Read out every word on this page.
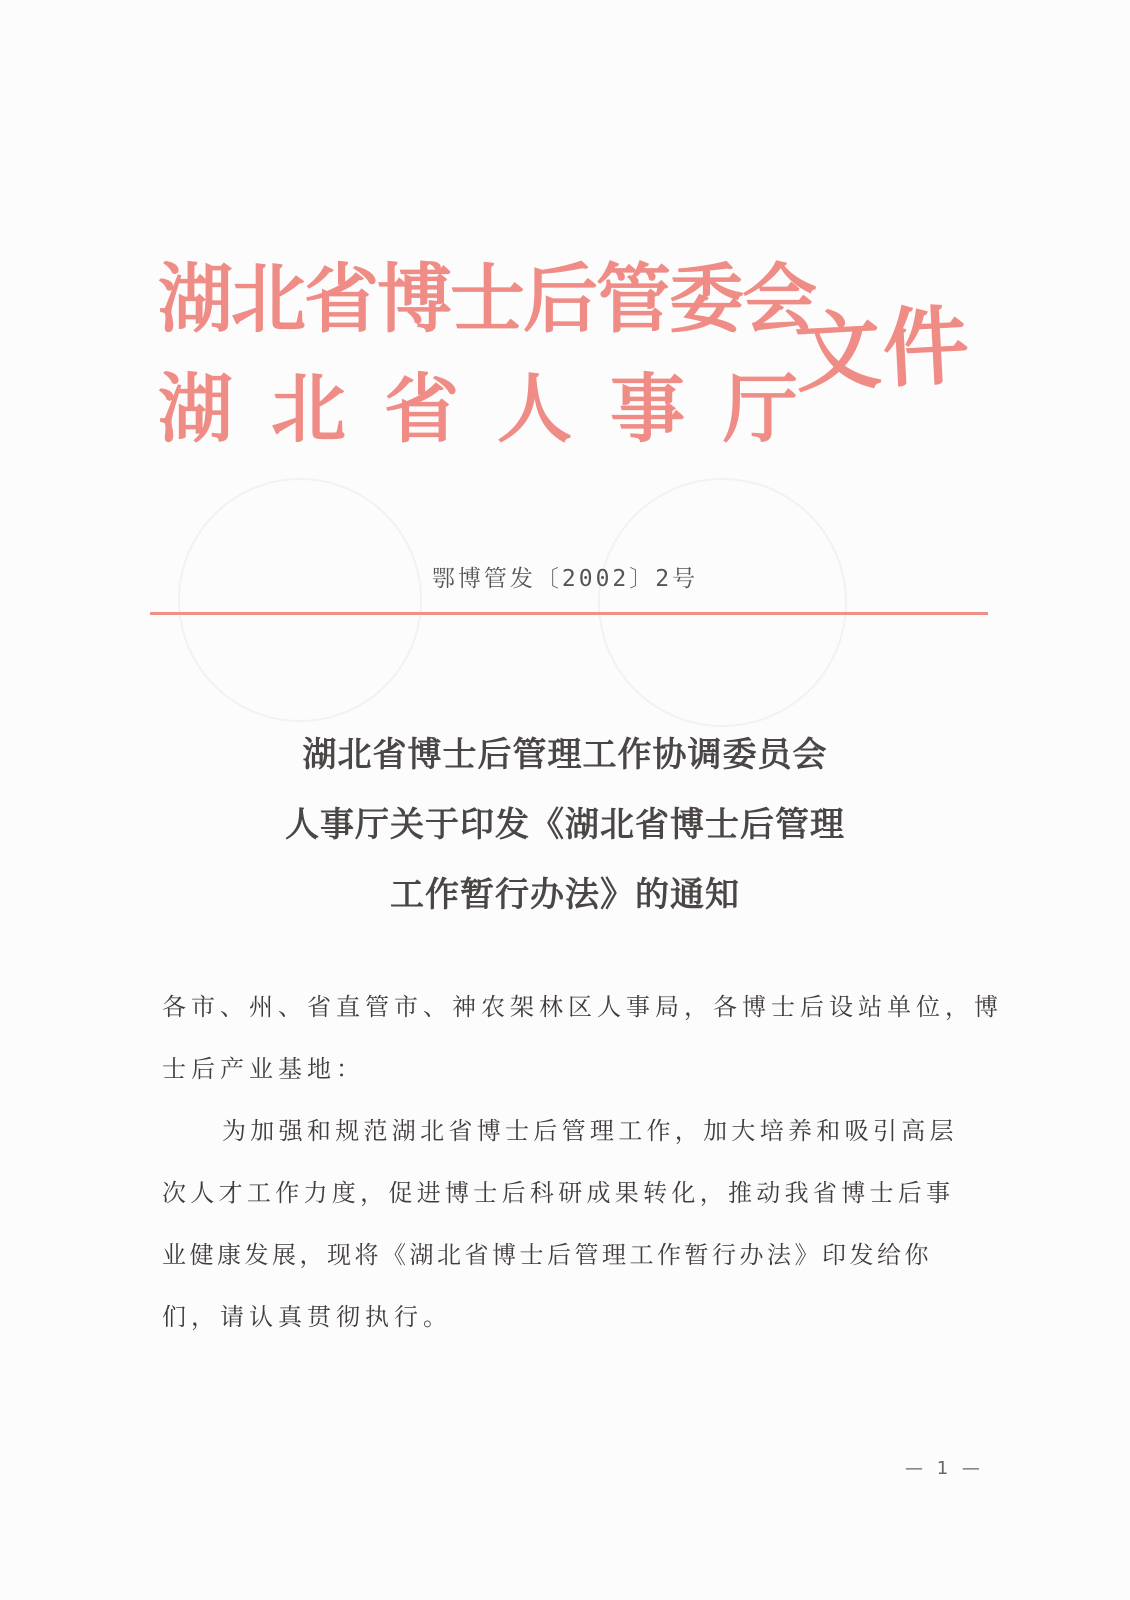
湖北省博士后管委会
湖北省人事厅
文件
鄂博管发〔2002〕2号
湖北省博士后管理工作协调委员会
人事厅关于印发《湖北省博士后管理
工作暂行办法》的通知
各市、州、省直管市、神农架林区人事局，各博士后设站单位，博
士后产业基地：
为加强和规范湖北省博士后管理工作，加大培养和吸引高层
次人才工作力度，促进博士后科研成果转化，推动我省博士后事
业健康发展，现将《湖北省博士后管理工作暂行办法》印发给你
们，请认真贯彻执行。
— 1 —
